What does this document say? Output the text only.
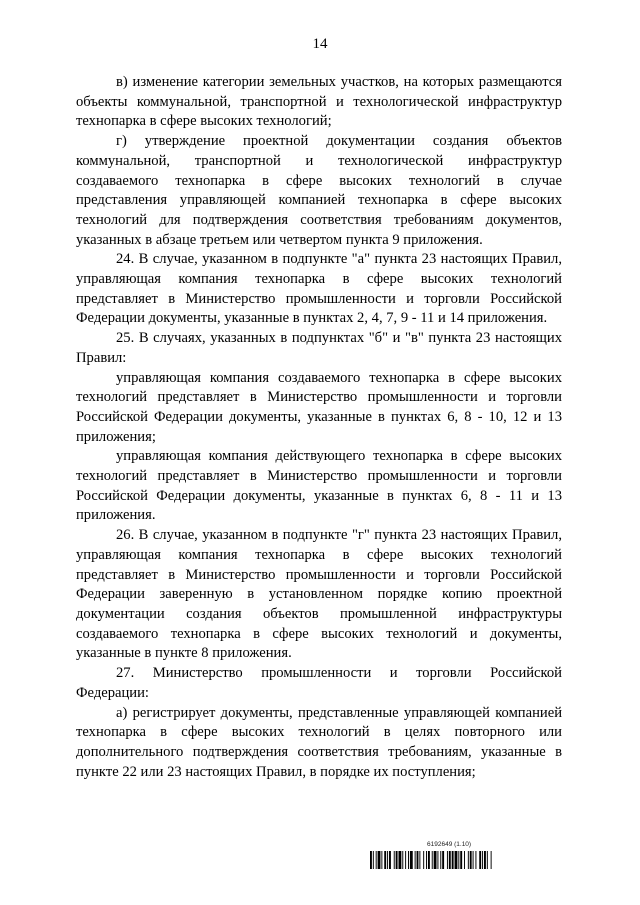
14

в) изменение категории земельных участков, на которых размещаются объекты коммунальной, транспортной и технологической инфраструктур технопарка в сфере высоких технологий;

г) утверждение проектной документации создания объектов коммунальной, транспортной и технологической инфраструктур создаваемого технопарка в сфере высоких технологий в случае представления управляющей компанией технопарка в сфере высоких технологий для подтверждения соответствия требованиям документов, указанных в абзаце третьем или четвертом пункта 9 приложения.

24. В случае, указанном в подпункте "а" пункта 23 настоящих Правил, управляющая компания технопарка в сфере высоких технологий представляет в Министерство промышленности и торговли Российской Федерации документы, указанные в пунктах 2, 4, 7, 9 - 11 и 14 приложения.

25. В случаях, указанных в подпунктах "б" и "в" пункта 23 настоящих Правил:

управляющая компания создаваемого технопарка в сфере высоких технологий представляет в Министерство промышленности и торговли Российской Федерации документы, указанные в пунктах 6, 8 - 10, 12 и 13 приложения;

управляющая компания действующего технопарка в сфере высоких технологий представляет в Министерство промышленности и торговли Российской Федерации документы, указанные в пунктах 6, 8 - 11 и 13 приложения.

26. В случае, указанном в подпункте "г" пункта 23 настоящих Правил, управляющая компания технопарка в сфере высоких технологий представляет в Министерство промышленности и торговли Российской Федерации заверенную в установленном порядке копию проектной документации создания объектов промышленной инфраструктуры создаваемого технопарка в сфере высоких технологий и документы, указанные в пункте 8 приложения.

27. Министерство промышленности и торговли Российской Федерации:

а) регистрирует документы, представленные управляющей компанией технопарка в сфере высоких технологий в целях повторного или дополнительного подтверждения соответствия требованиям, указанные в пункте 22 или 23 настоящих Правил, в порядке их поступления;

6192649 (1.10)
